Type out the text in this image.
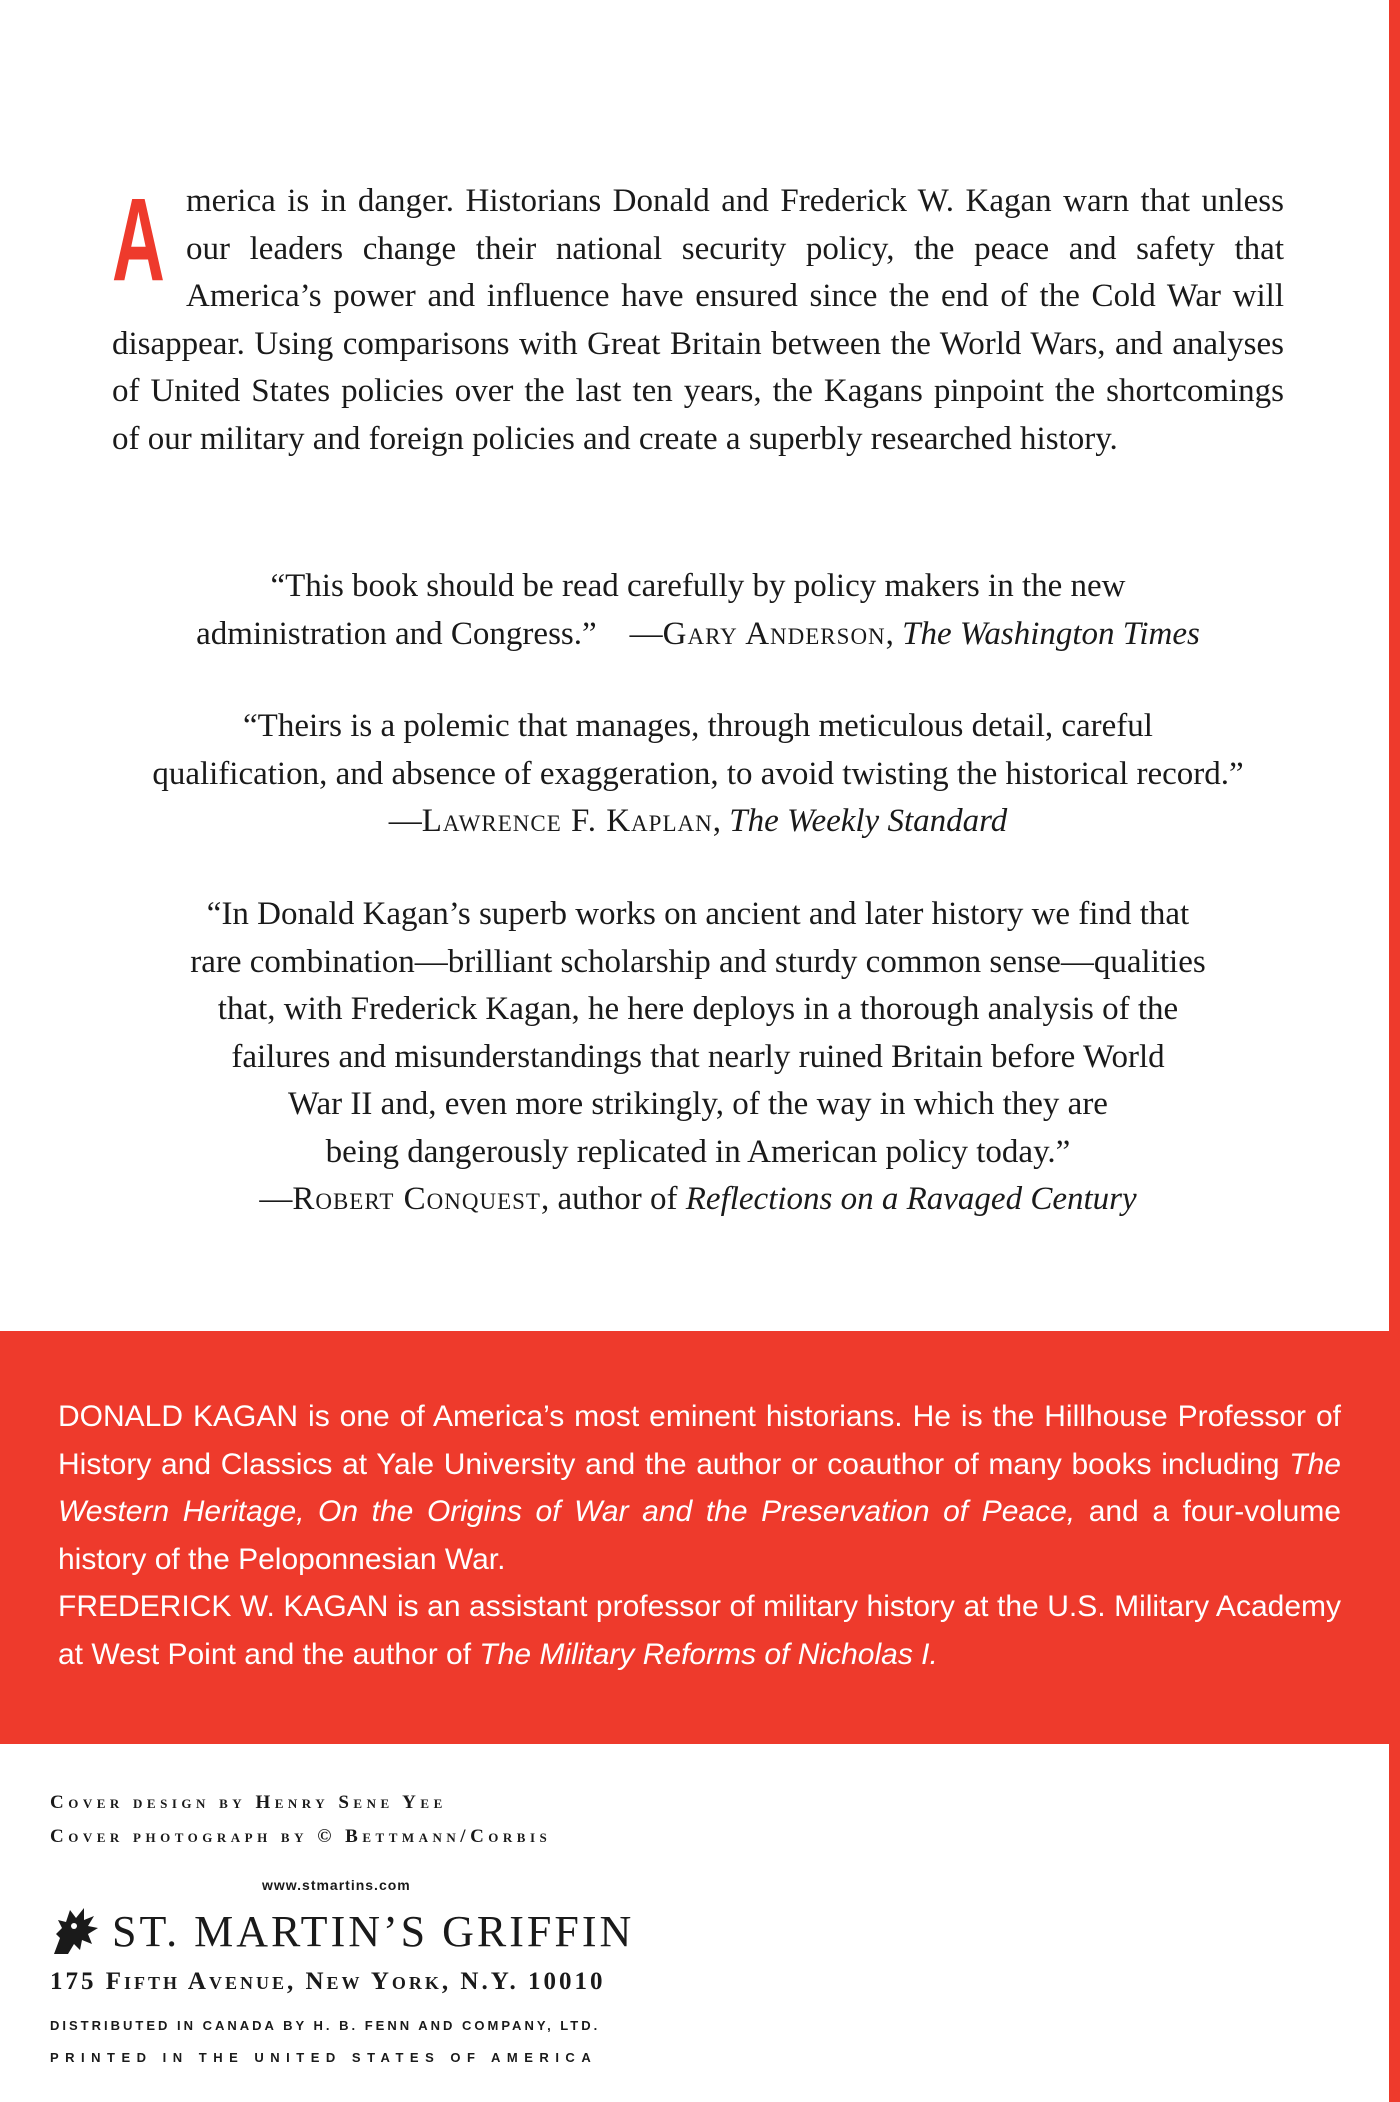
America is in danger. Historians Donald and Frederick W. Kagan warn that unless our leaders change their national security policy, the peace and safety that America’s power and influence have ensured since the end of the Cold War will disappear. Using comparisons with Great Britain between the World Wars, and analyses of United States policies over the last ten years, the Kagans pinpoint the shortcomings of our military and foreign policies and create a superbly researched history.
“This book should be read carefully by policy makers in the new
administration and Congress.”    —Gary Anderson, The Washington Times
“Theirs is a polemic that manages, through meticulous detail, careful
qualification, and absence of exaggeration, to avoid twisting the historical record.”
—Lawrence F. Kaplan, The Weekly Standard
“In Donald Kagan’s superb works on ancient and later history we find that
rare combination—brilliant scholarship and sturdy common sense—qualities
that, with Frederick Kagan, he here deploys in a thorough analysis of the
failures and misunderstandings that nearly ruined Britain before World
War II and, even more strikingly, of the way in which they are
being dangerously replicated in American policy today.”
—Robert Conquest, author of Reflections on a Ravaged Century
DONALD KAGAN is one of America’s most eminent historians. He is the Hillhouse Professor of History and Classics at Yale University and the author or coauthor of many books including The Western Heritage, On the Origins of War and the Preservation of Peace, and a four-volume history of the Peloponnesian War.
FREDERICK W. KAGAN is an assistant professor of military history at the U.S. Military Academy at West Point and the author of The Military Reforms of Nicholas I.
Cover design by Henry Sene Yee
Cover photograph by © Bettmann/Corbis
www.stmartins.com
ST. MARTIN’S GRIFFIN
175 Fifth Avenue, New York, N.Y. 10010
DISTRIBUTED IN CANADA BY H. B. FENN AND COMPANY, LTD.
PRINTED IN THE UNITED STATES OF AMERICA
